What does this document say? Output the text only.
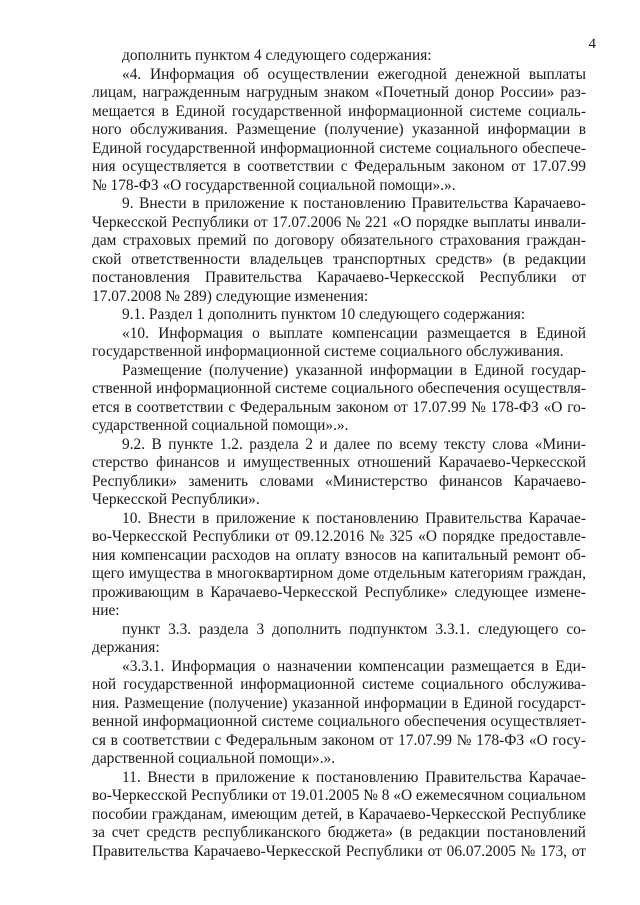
4
дополнить пунктом 4 следующего содержания:
«4. Информация об осуществлении ежегодной денежной выплаты
лицам, награжденным нагрудным знаком «Почетный донор России» раз-
мещается в Единой государственной информационной системе социаль-
ного обслуживания. Размещение (получение) указанной информации в
Единой государственной информационной системе социального обеспече-
ния осуществляется в соответствии с Федеральным законом от 17.07.99
№ 178-ФЗ «О государственной социальной помощи».».
9. Внести в приложение к постановлению Правительства Карачаево-
Черкесской Республики от 17.07.2006 № 221 «О порядке выплаты инвали-
дам страховых премий по договору обязательного страхования граждан-
ской ответственности владельцев транспортных средств» (в редакции
постановления Правительства Карачаево-Черкесской Республики от
17.07.2008 № 289) следующие изменения:
9.1. Раздел 1 дополнить пунктом 10 следующего содержания:
«10. Информация о выплате компенсации размещается в Единой
государственной информационной системе социального обслуживания.
Размещение (получение) указанной информации в Единой государ-
ственной информационной системе социального обеспечения осуществля-
ется в соответствии с Федеральным законом от 17.07.99 № 178-ФЗ «О го-
сударственной социальной помощи».».
9.2. В пункте 1.2. раздела 2 и далее по всему тексту слова «Мини-
стерство финансов и имущественных отношений Карачаево-Черкесской
Республики» заменить словами «Министерство финансов Карачаево-
Черкесской Республики».
10. Внести в приложение к постановлению Правительства Карачае-
во-Черкесской Республики от 09.12.2016 № 325 «О порядке предоставле-
ния компенсации расходов на оплату взносов на капитальный ремонт об-
щего имущества в многоквартирном доме отдельным категориям граждан,
проживающим в Карачаево-Черкесской Республике» следующее измене-
ние:
пункт 3.3. раздела 3 дополнить подпунктом 3.3.1. следующего со-
держания:
«3.3.1. Информация о назначении компенсации размещается в Еди-
ной государственной информационной системе социального обслужива-
ния. Размещение (получение) указанной информации в Единой государст-
венной информационной системе социального обеспечения осуществляет-
ся в соответствии с Федеральным законом от 17.07.99 № 178-ФЗ «О госу-
дарственной социальной помощи».».
11. Внести в приложение к постановлению Правительства Карачае-
во-Черкесской Республики от 19.01.2005 № 8 «О ежемесячном социальном
пособии гражданам, имеющим детей, в Карачаево-Черкесской Республике
за счет средств республиканского бюджета» (в редакции постановлений
Правительства Карачаево-Черкесской Республики от 06.07.2005 № 173, от
